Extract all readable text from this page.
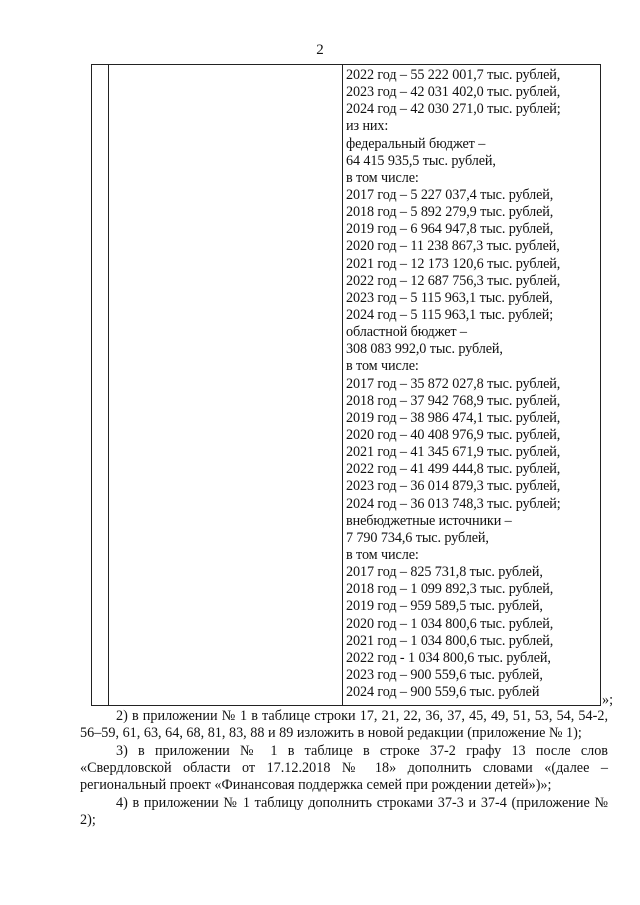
2
2022 год – 55 222 001,7 тыс. рублей,
2023 год – 42 031 402,0 тыс. рублей,
2024 год – 42 030 271,0 тыс. рублей;
из них:
федеральный бюджет –
64 415 935,5 тыс. рублей,
в том числе:
2017 год – 5 227 037,4 тыс. рублей,
2018 год – 5 892 279,9 тыс. рублей,
2019 год – 6 964 947,8 тыс. рублей,
2020 год – 11 238 867,3 тыс. рублей,
2021 год – 12 173 120,6 тыс. рублей,
2022 год – 12 687 756,3 тыс. рублей,
2023 год – 5 115 963,1 тыс. рублей,
2024 год – 5 115 963,1 тыс. рублей;
областной бюджет –
308 083 992,0 тыс. рублей,
в том числе:
2017 год – 35 872 027,8 тыс. рублей,
2018 год – 37 942 768,9 тыс. рублей,
2019 год – 38 986 474,1 тыс. рублей,
2020 год – 40 408 976,9 тыс. рублей,
2021 год – 41 345 671,9 тыс. рублей,
2022 год – 41 499 444,8 тыс. рублей,
2023 год – 36 014 879,3 тыс. рублей,
2024 год – 36 013 748,3 тыс. рублей;
внебюджетные источники –
7 790 734,6 тыс. рублей,
в том числе:
2017 год – 825 731,8 тыс. рублей,
2018 год – 1 099 892,3 тыс. рублей,
2019 год – 959 589,5 тыс. рублей,
2020 год – 1 034 800,6 тыс. рублей,
2021 год – 1 034 800,6 тыс. рублей,
2022 год - 1 034 800,6 тыс. рублей,
2023 год – 900 559,6 тыс. рублей,
2024 год – 900 559,6 тыс. рублей	»;

2) в приложении № 1 в таблице строки 17, 21, 22, 36, 37, 45, 49, 51, 53, 54, 54-2, 56–59, 61, 63, 64, 68, 81, 83, 88 и 89 изложить в новой редакции (приложение № 1);

3) в приложении № 1 в таблице в строке 37-2 графу 13 после слов «Свердловской области от 17.12.2018 № 18» дополнить словами «(далее – региональный проект «Финансовая поддержка семей при рождении детей»)»;

4) в приложении № 1 таблицу дополнить строками 37-3 и 37-4 (приложение № 2);
